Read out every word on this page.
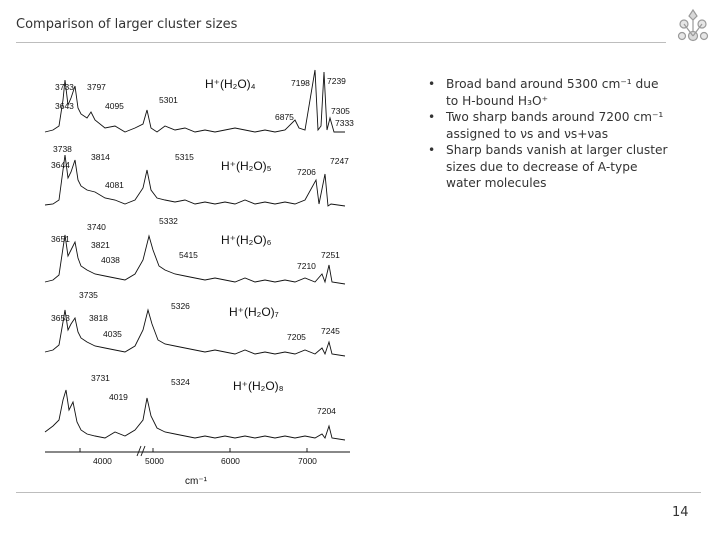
Comparison of larger cluster sizes
4000	5000	6000	7000
cm⁻¹
H⁺(H₂O)₄
H⁺(H₂O)₅
H⁺(H₂O)₆
H⁺(H₂O)₇
H⁺(H₂O)₈
3733 3797
3643	4095
5301
7198 7239
6875
7305
7333
3738
3644
3814
4081
5315
7206
7247
3740
3651
3821
4038
5332
5415	7251
7210
3735
3653 3818
4035
5326
7205
7245
3731
4019
5324
7204
• Broad band around 5300 cm⁻¹ due to H-bound H₃O⁺
• Two sharp bands around 7200 cm⁻¹ assigned to νs and νs+νas
• Sharp bands vanish at larger cluster sizes due to decrease of A-type water molecules
14
